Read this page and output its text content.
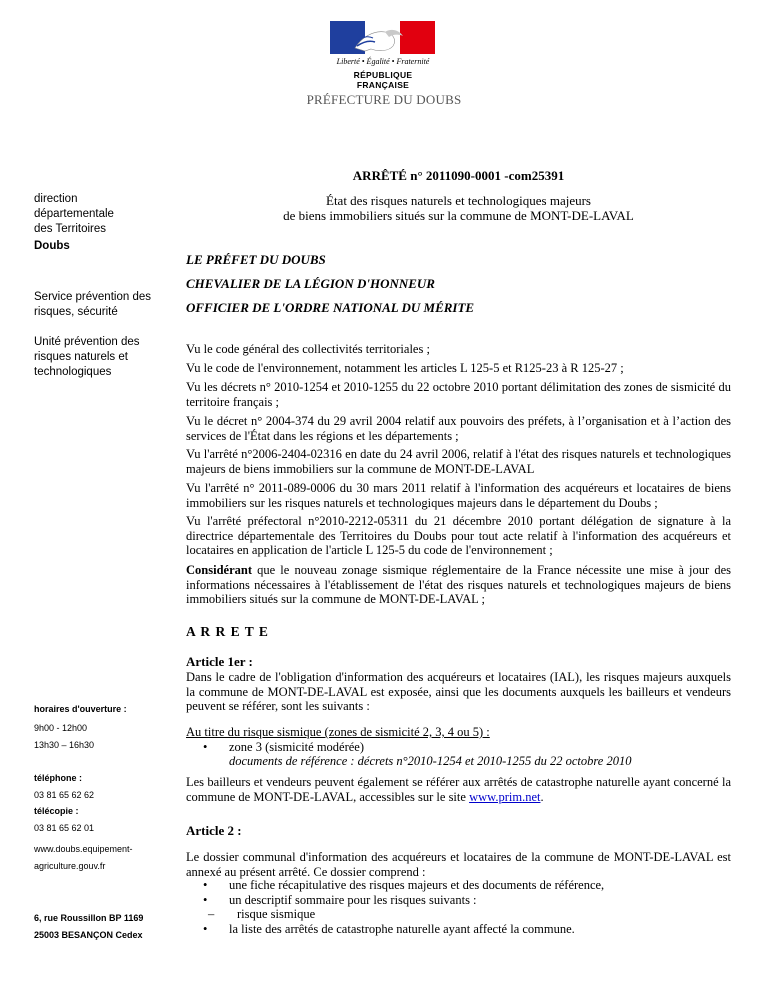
Liberté • Égalité • Fraternité
RÉPUBLIQUE FRANÇAISE
PRÉFECTURE DU DOUBS
direction
départementale
des Territoires
Doubs
Service prévention des
risques, sécurité
Unité prévention des
risques naturels et
technologiques
horaires d'ouverture :
9h00 - 12h00
13h30 – 16h30
téléphone :
03 81 65 62 62
télécopie :
03 81 65 62 01
www.doubs.equipement-
agriculture.gouv.fr
6, rue Roussillon BP 1169
25003 BESANÇON Cedex
ARRÊTÉ n° 2011090-0001 -com25391
État des risques naturels et technologiques majeurs
de biens immobiliers situés sur la commune de MONT-DE-LAVAL
LE PRÉFET DU DOUBS
CHEVALIER DE LA LÉGION D'HONNEUR
OFFICIER DE L'ORDRE NATIONAL DU MÉRITE
Vu le code général des collectivités territoriales ;
Vu le code de l'environnement, notamment les articles L 125-5 et R125-23 à R 125-27 ;
Vu les décrets n° 2010-1254 et 2010-1255 du 22 octobre 2010 portant délimitation des zones de sismicité du territoire français ;
Vu le décret n° 2004-374 du 29 avril 2004 relatif aux pouvoirs des préfets, à l’organisation et à l’action des services de l'État dans les régions et les départements ;
Vu l'arrêté n°2006-2404-02316 en date du 24 avril 2006, relatif à l'état des risques naturels et technologiques majeurs de biens immobiliers sur la commune de MONT-DE-LAVAL
Vu l'arrêté n° 2011-089-0006 du 30 mars 2011 relatif à l'information des acquéreurs et locataires de biens immobiliers sur les risques naturels et technologiques majeurs dans le département du Doubs ;
Vu l'arrêté préfectoral n°2010-2212-05311 du 21 décembre 2010 portant délégation de signature à la directrice départementale des Territoires du Doubs pour tout acte relatif à l'information des acquéreurs et locataires en application de l'article L 125-5 du code de l'environnement ;
Considérant que le nouveau zonage sismique réglementaire de la France nécessite une mise à jour des informations nécessaires à l'établissement de l'état des risques naturels et technologiques majeurs de biens immobiliers situés sur la commune de MONT-DE-LAVAL ;
A R R E T E
Article 1er :
Dans le cadre de l'obligation d'information des acquéreurs et locataires (IAL), les risques majeurs auxquels la commune de MONT-DE-LAVAL est exposée, ainsi que les documents auxquels les bailleurs et vendeurs peuvent se référer, sont les suivants :
Au titre du risque sismique (zones de sismicité 2, 3, 4 ou 5) :
• zone 3 (sismicité modérée)
documents de référence : décrets n°2010-1254 et 2010-1255 du 22 octobre 2010
Les bailleurs et vendeurs peuvent également se référer aux arrêtés de catastrophe naturelle ayant concerné la commune de MONT-DE-LAVAL, accessibles sur le site www.prim.net.
Article 2 :
Le dossier communal d'information des acquéreurs et locataires de la commune de MONT-DE-LAVAL est annexé au présent arrêté. Ce dossier comprend :
• une fiche récapitulative des risques majeurs et des documents de référence,
• un descriptif sommaire pour les risques suivants :
– risque sismique
• la liste des arrêtés de catastrophe naturelle ayant affecté la commune.
